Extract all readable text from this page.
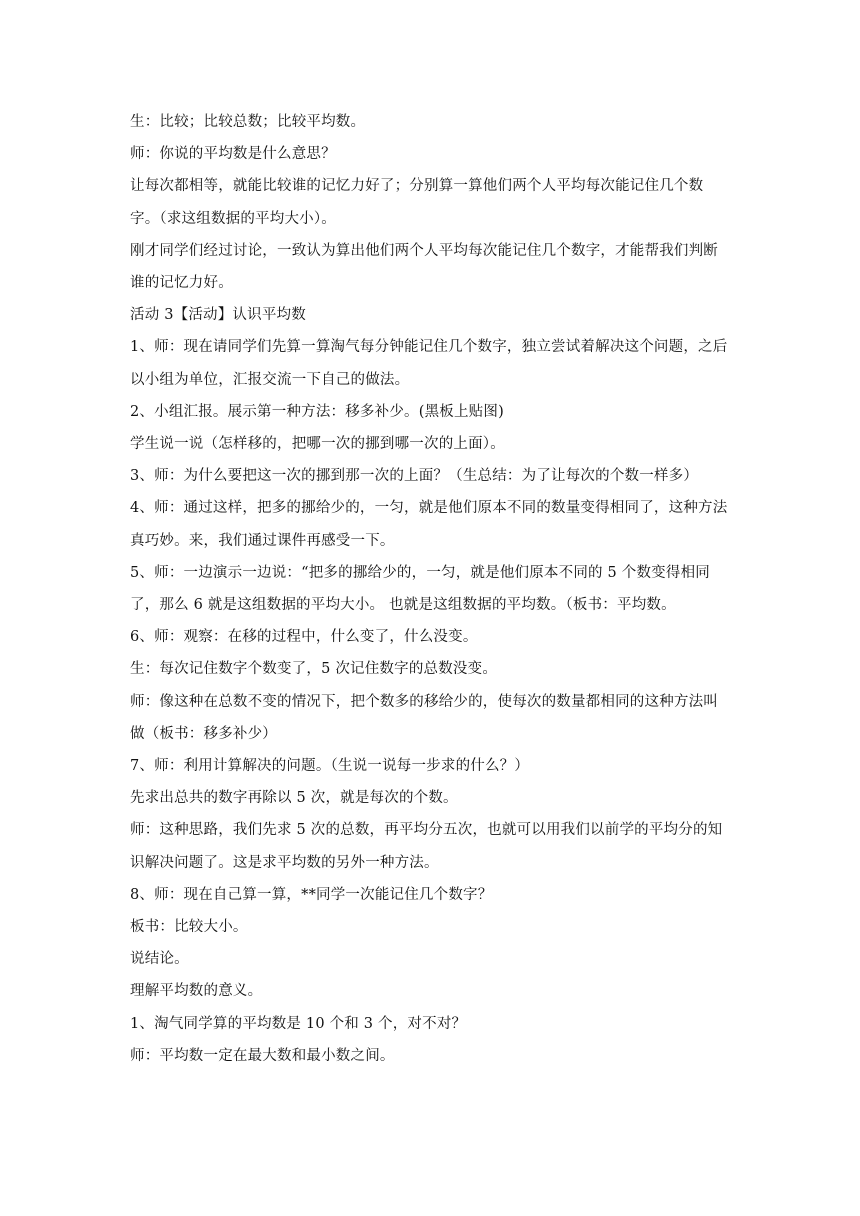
生：比较；比较总数；比较平均数。

师：你说的平均数是什么意思？

让每次都相等，就能比较谁的记忆力好了；分别算一算他们两个人平均每次能记住几个数字。（求这组数据的平均大小）。

刚才同学们经过讨论，一致认为算出他们两个人平均每次能记住几个数字，才能帮我们判断谁的记忆力好。

活动 3【活动】认识平均数

1、师：现在请同学们先算一算淘气每分钟能记住几个数字，独立尝试着解决这个问题，之后以小组为单位，汇报交流一下自己的做法。

2、小组汇报。展示第一种方法：移多补少。(黑板上贴图)

学生说一说（怎样移的，把哪一次的挪到哪一次的上面）。

3、师：为什么要把这一次的挪到那一次的上面？（生总结：为了让每次的个数一样多）

4、师：通过这样，把多的挪给少的，一匀，就是他们原本不同的数量变得相同了，这种方法真巧妙。来，我们通过课件再感受一下。

5、师：一边演示一边说：“把多的挪给少的，一匀，就是他们原本不同的 5 个数变得相同了，那么 6 就是这组数据的平均大小。 也就是这组数据的平均数。（板书：平均数。

6、师：观察：在移的过程中，什么变了，什么没变。

生：每次记住数字个数变了，5 次记住数字的总数没变。

师：像这种在总数不变的情况下，把个数多的移给少的，使每次的数量都相同的这种方法叫做（板书：移多补少）

7、师：利用计算解决的问题。（生说一说每一步求的什么？）

先求出总共的数字再除以 5 次，就是每次的个数。

师：这种思路，我们先求 5 次的总数，再平均分五次，也就可以用我们以前学的平均分的知识解决问题了。这是求平均数的另外一种方法。

8、师：现在自己算一算，**同学一次能记住几个数字？

板书：比较大小。

说结论。

理解平均数的意义。

1、淘气同学算的平均数是 10 个和 3 个，对不对？

师：平均数一定在最大数和最小数之间。
